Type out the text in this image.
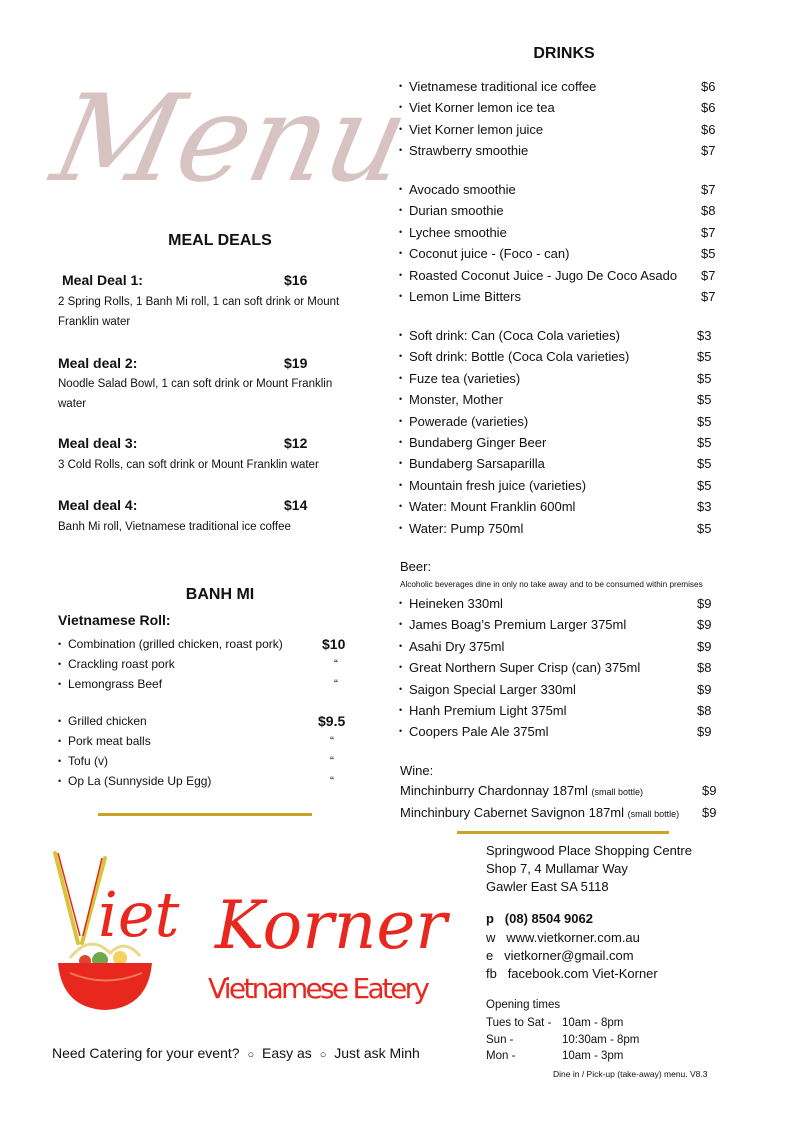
Menu
MEAL DEALS
Meal Deal 1:	$16
2 Spring Rolls, 1 Banh Mi roll, 1 can soft drink or Mount Franklin water
Meal deal 2:	$19
Noodle Salad Bowl, 1 can soft drink or Mount Franklin water
Meal deal 3:	$12
3 Cold Rolls, can soft drink or Mount Franklin water
Meal deal 4:	$14
Banh Mi roll, Vietnamese traditional ice coffee
BANH MI
Vietnamese Roll:
• Combination (grilled chicken, roast pork)	$10
• Crackling roast pork	“
• Lemongrass Beef	“
• Grilled chicken	$9.5
• Pork meat balls	“
• Tofu (v)	“
• Op La (Sunnyside Up Egg)	“
DRINKS
• Vietnamese traditional ice coffee	$6
• Viet Korner lemon ice tea	$6
• Viet Korner lemon juice	$6
• Strawberry smoothie	$7
• Avocado smoothie	$7
• Durian smoothie	$8
• Lychee smoothie	$7
• Coconut juice - (Foco - can)	$5
• Roasted Coconut Juice - Jugo De Coco Asado	$7
• Lemon Lime Bitters	$7
• Soft drink: Can (Coca Cola varieties)	$3
• Soft drink: Bottle (Coca Cola varieties)	$5
• Fuze tea (varieties)	$5
• Monster, Mother	$5
• Powerade (varieties)	$5
• Bundaberg Ginger Beer	$5
• Bundaberg Sarsaparilla	$5
• Mountain fresh juice (varieties)	$5
• Water: Mount Franklin 600ml	$3
• Water: Pump 750ml	$5
Beer:
Alcoholic beverages dine in only no take away and to be consumed within premises
• Heineken 330ml	$9
• James Boag’s Premium Larger 375ml	$9
• Asahi Dry 375ml	$9
• Great Northern Super Crisp (can) 375ml	$8
• Saigon Special Larger 330ml	$9
• Hanh Premium Light 375ml	$8
• Coopers Pale Ale 375ml	$9
Wine:
Minchinburry Chardonnay 187ml (small bottle)	$9
Minchinbury Cabernet Savignon 187ml (small bottle)	$9
iet Korner
Vietnamese Eatery
Need Catering for your event? ○ Easy as ○ Just ask Minh
Springwood Place Shopping Centre
Shop 7, 4 Mullamar Way
Gawler East SA 5118
p (08) 8504 9062
w www.vietkorner.com.au
e vietkorner@gmail.com
fb facebook.com Viet-Korner
Opening times
Tues to Sat - 10am - 8pm
Sun -	10:30am - 8pm
Mon -	10am - 3pm
Dine in / Pick-up (take-away) menu. V8.3
